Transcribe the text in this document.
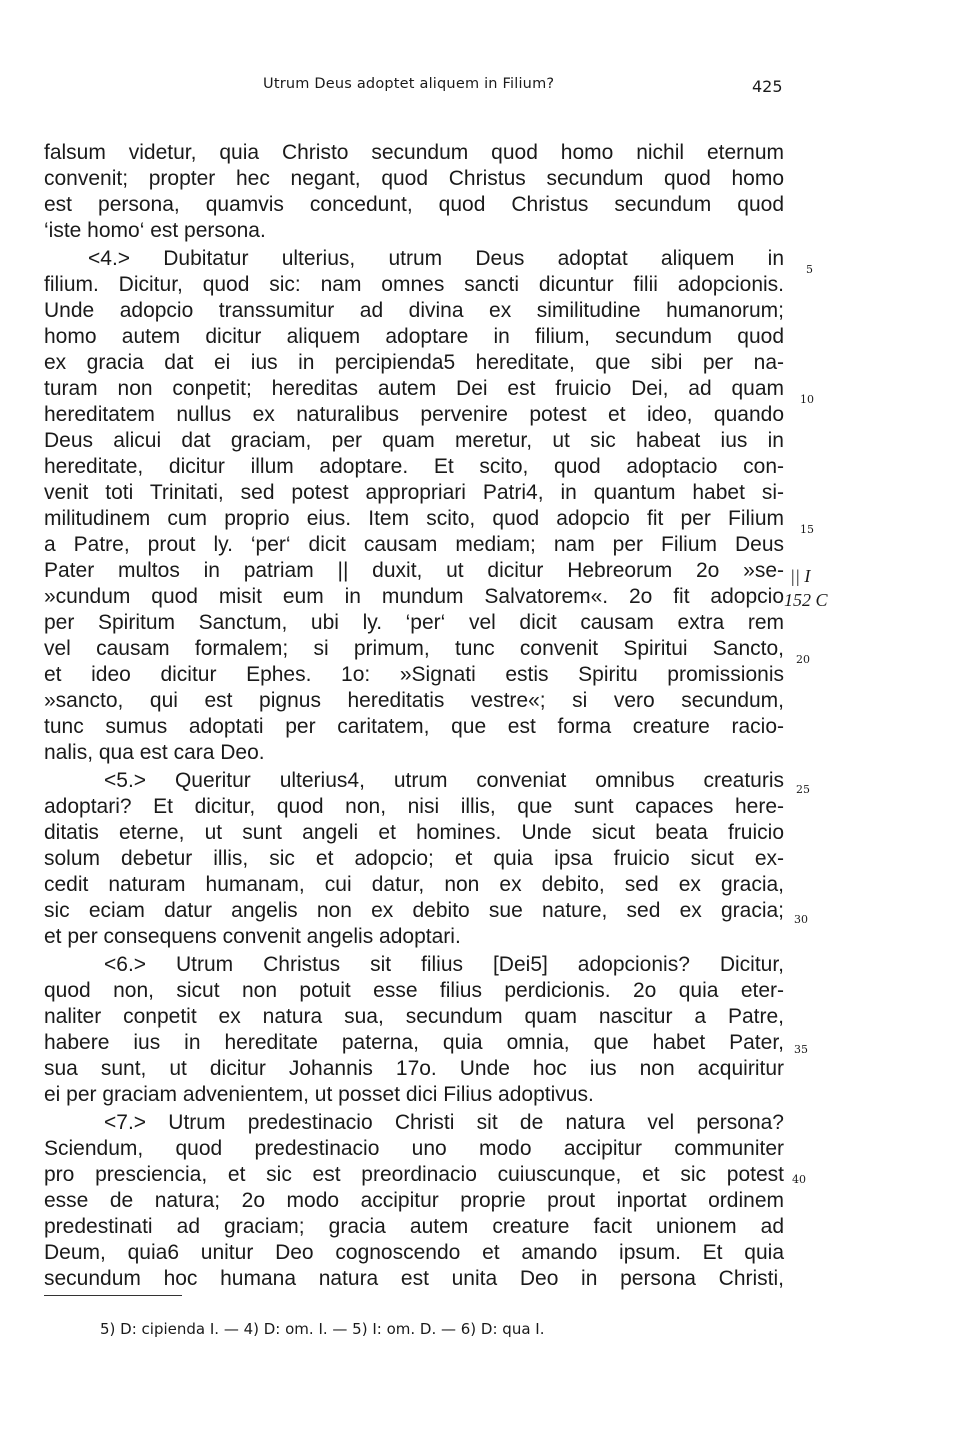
Utrum Deus adoptet aliquem in Filium?	425
falsum videtur, quia Christo secundum quod homo nichil eternum
convenit; propter hec negant, quod Christus secundum quod homo
est persona, quamvis concedunt, quod Christus secundum quod
‘iste homo‘ est persona.
<4.> Dubitatur ulterius, utrum Deus adoptat aliquem in
filium. Dicitur, quod sic: nam omnes sancti dicuntur filii adopcionis.
Unde adopcio transsumitur ad divina ex similitudine humanorum;
homo autem dicitur aliquem adoptare in filium, secundum quod
ex gracia dat ei ius in percipienda5 hereditate, que sibi per na-
turam non conpetit; hereditas autem Dei est fruicio Dei, ad quam
hereditatem nullus ex naturalibus pervenire potest et ideo, quando
Deus alicui dat graciam, per quam meretur, ut sic habeat ius in
hereditate, dicitur illum adoptare. Et scito, quod adoptacio con-
venit toti Trinitati, sed potest appropriari Patri4, in quantum habet si-
militudinem cum proprio eius. Item scito, quod adopcio fit per Filium
a Patre, prout ly. ‘per‘ dicit causam mediam; nam per Filium Deus
Pater multos in patriam || duxit, ut dicitur Hebreorum 2o »se-
»cundum quod misit eum in mundum Salvatorem«. 2o fit adopcio
per Spiritum Sanctum, ubi ly. ‘per‘ vel dicit causam extra rem
vel causam formalem; si primum, tunc convenit Spiritui Sancto,
et ideo dicitur Ephes. 1o: »Signati estis Spiritu promissionis
»sancto, qui est pignus hereditatis vestre«; si vero secundum,
tunc sumus adoptati per caritatem, que est forma creature racio-
nalis, qua est cara Deo.
<5.> Queritur ulterius4, utrum conveniat omnibus creaturis
adoptari? Et dicitur, quod non, nisi illis, que sunt capaces here-
ditatis eterne, ut sunt angeli et homines. Unde sicut beata fruicio
solum debetur illis, sic et adopcio; et quia ipsa fruicio sicut ex-
cedit naturam humanam, cui datur, non ex debito, sed ex gracia,
sic eciam datur angelis non ex debito sue nature, sed ex gracia;
et per consequens convenit angelis adoptari.
<6.> Utrum Christus sit filius [Dei5] adopcionis? Dicitur,
quod non, sicut non potuit esse filius perdicionis. 2o quia eter-
naliter conpetit ex natura sua, secundum quam nascitur a Patre,
habere ius in hereditate paterna, quia omnia, que habet Pater,
sua sunt, ut dicitur Johannis 17o. Unde hoc ius non acquiritur
ei per graciam advenientem, ut posset dici Filius adoptivus.
<7.> Utrum predestinacio Christi sit de natura vel persona?
Sciendum, quod predestinacio uno modo accipitur communiter
pro presciencia, et sic est preordinacio cuiuscunque, et sic potest
esse de natura; 2o modo accipitur proprie prout inportat ordinem
predestinati ad graciam; gracia autem creature facit unionem ad
Deum, quia6 unitur Deo cognoscendo et amando ipsum. Et quia
secundum hoc humana natura est unita Deo in persona Christi,
5
10
15
20
25
30
35
40
|| I
152 C
5) D: cipienda I. — 4) D: om. I. — 5) I: om. D. — 6) D: qua I.
